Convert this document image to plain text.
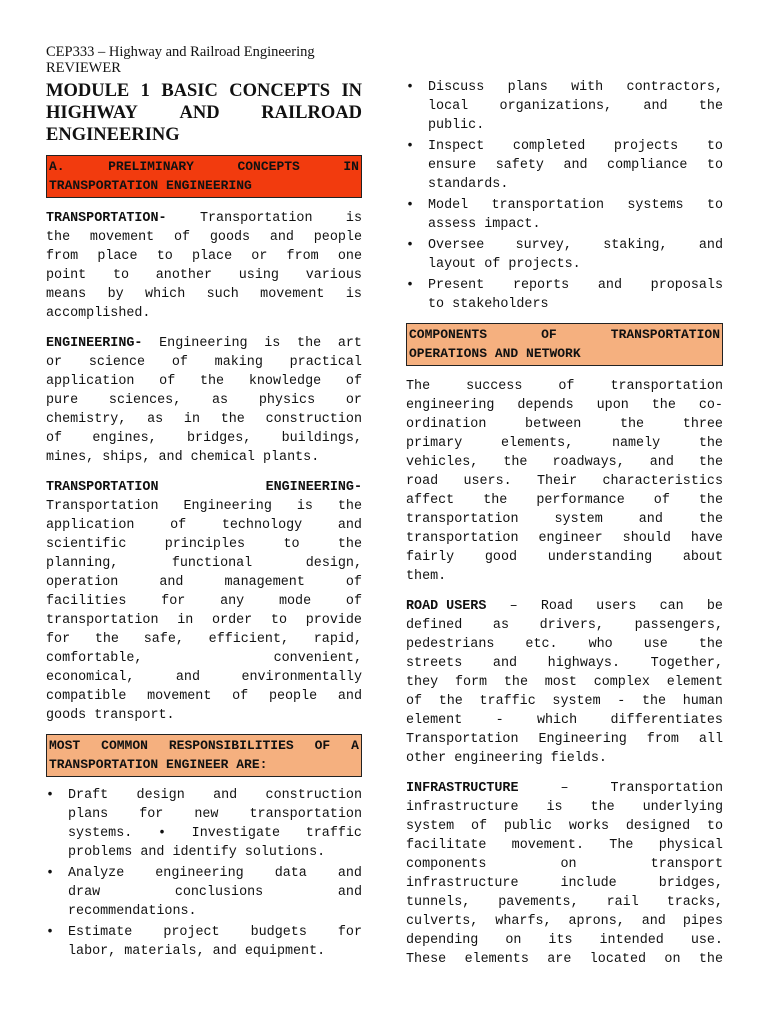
CEP333 – Highway and Railroad Engineering
REVIEWER
MODULE 1 BASIC CONCEPTS IN
HIGHWAY AND RAILROAD
ENGINEERING
A.	PRELIMINARY	CONCEPTS	IN
TRANSPORTATION ENGINEERING
TRANSPORTATION- Transportation is
the movement of goods and people
from place to place or from one
point to another using various
means by which such movement is
accomplished.
ENGINEERING- Engineering is the art
or science of making practical
application of the knowledge of
pure sciences, as physics or
chemistry, as in the construction
of engines, bridges, buildings,
mines, ships, and chemical plants.
TRANSPORTATION	ENGINEERING-
Transportation Engineering is the
application	of	technology	and
scientific	principles	to	the
planning,	functional	design,
operation	and	management	of
facilities	for	any	mode	of
transportation in order to provide
for the safe, efficient, rapid,
comfortable,	convenient,
economical,	and	environmentally
compatible movement of people and
goods transport.
MOST COMMON RESPONSIBILITIES OF A
TRANSPORTATION ENGINEER ARE:
•	Draft design and construction
plans for new transportation
systems. • Investigate traffic
problems and identify solutions.
•	Analyze engineering data and
draw	conclusions	and
recommendations.
•	Estimate project budgets for
labor, materials, and equipment.
•	Discuss plans with contractors,
local organizations, and the
public.
•	Inspect completed projects to
ensure safety and compliance to
standards.
•	Model transportation systems to
assess impact.
•	Oversee survey, staking, and
layout of projects.
•	Present reports and proposals
to stakeholders
COMPONENTS	OF	TRANSPORTATION
OPERATIONS AND NETWORK
The	success	of	transportation
engineering depends upon the co-
ordination	between	the	three
primary	elements,	namely	the
vehicles, the roadways, and the
road users. Their characteristics
affect the performance of the
transportation	system	and	the
transportation engineer should have
fairly good understanding about
them.
ROAD USERS – Road users can be
defined as drivers, passengers,
pedestrians etc. who use the
streets and highways. Together,
they form the most complex element
of the traffic system - the human
element - which differentiates
Transportation Engineering from all
other engineering fields.
INFRASTRUCTURE	–	Transportation
infrastructure is the underlying
system of public works designed to
facilitate movement. The physical
components	on	transport
infrastructure	include	bridges,
tunnels, pavements, rail tracks,
culverts, wharfs, aprons, and pipes
depending on its intended use.
These elements are located on the
